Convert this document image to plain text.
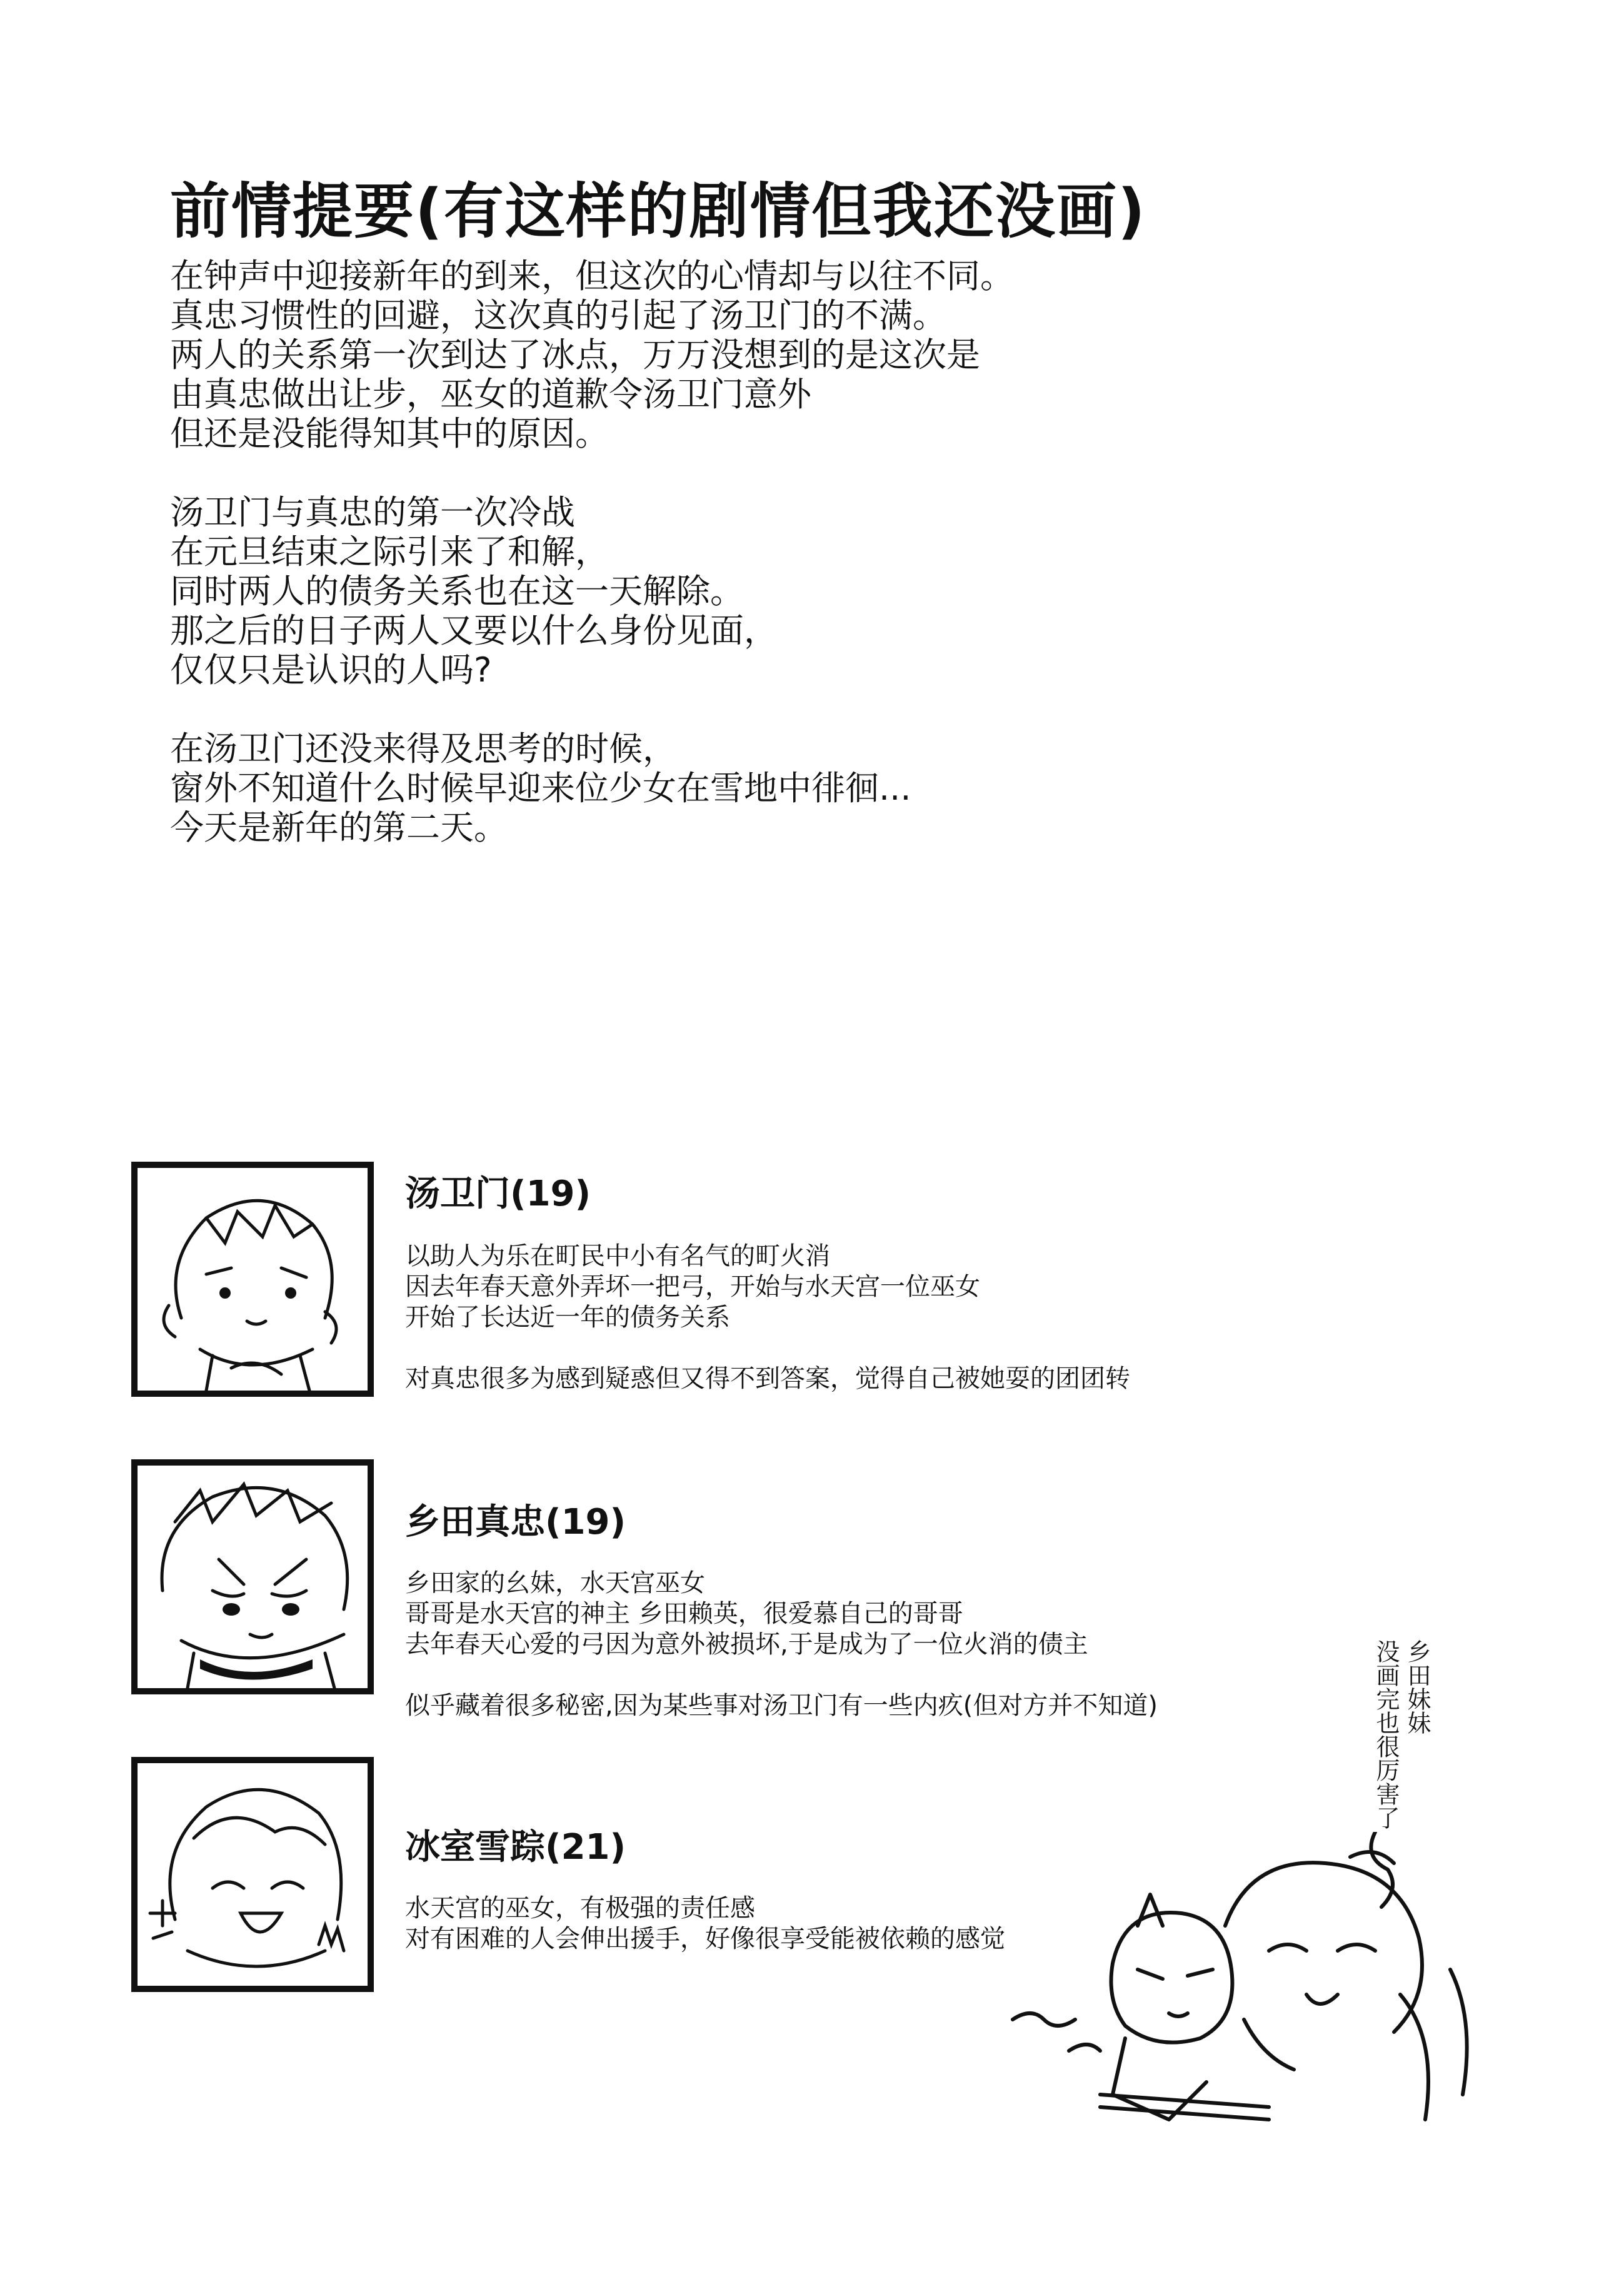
前情提要(有这样的剧情但我还没画)
在钟声中迎接新年的到来，但这次的心情却与以往不同。
真忠习惯性的回避，这次真的引起了汤卫门的不满。
两人的关系第一次到达了冰点，万万没想到的是这次是
由真忠做出让步，巫女的道歉令汤卫门意外
但还是没能得知其中的原因。
汤卫门与真忠的第一次冷战
在元旦结束之际引来了和解，
同时两人的债务关系也在这一天解除。
那之后的日子两人又要以什么身份见面，
仅仅只是认识的人吗?
在汤卫门还没来得及思考的时候，
窗外不知道什么时候早迎来位少女在雪地中徘徊...
今天是新年的第二天。
汤卫门(19)
以助人为乐在町民中小有名气的町火消
因去年春天意外弄坏一把弓，开始与水天宫一位巫女
开始了长达近一年的债务关系
对真忠很多为感到疑惑但又得不到答案，觉得自己被她耍的团团转
乡田真忠(19)
乡田家的幺妹，水天宫巫女
哥哥是水天宫的神主 乡田赖英，很爱慕自己的哥哥
去年春天心爱的弓因为意外被损坏,于是成为了一位火消的债主
似乎藏着很多秘密,因为某些事对汤卫门有一些内疚(但对方并不知道)
冰室雪踪(21)
水天宫的巫女，有极强的责任感
对有困难的人会伸出援手，好像很享受能被依赖的感觉
乡田妹妹
没画完也很厉害了
